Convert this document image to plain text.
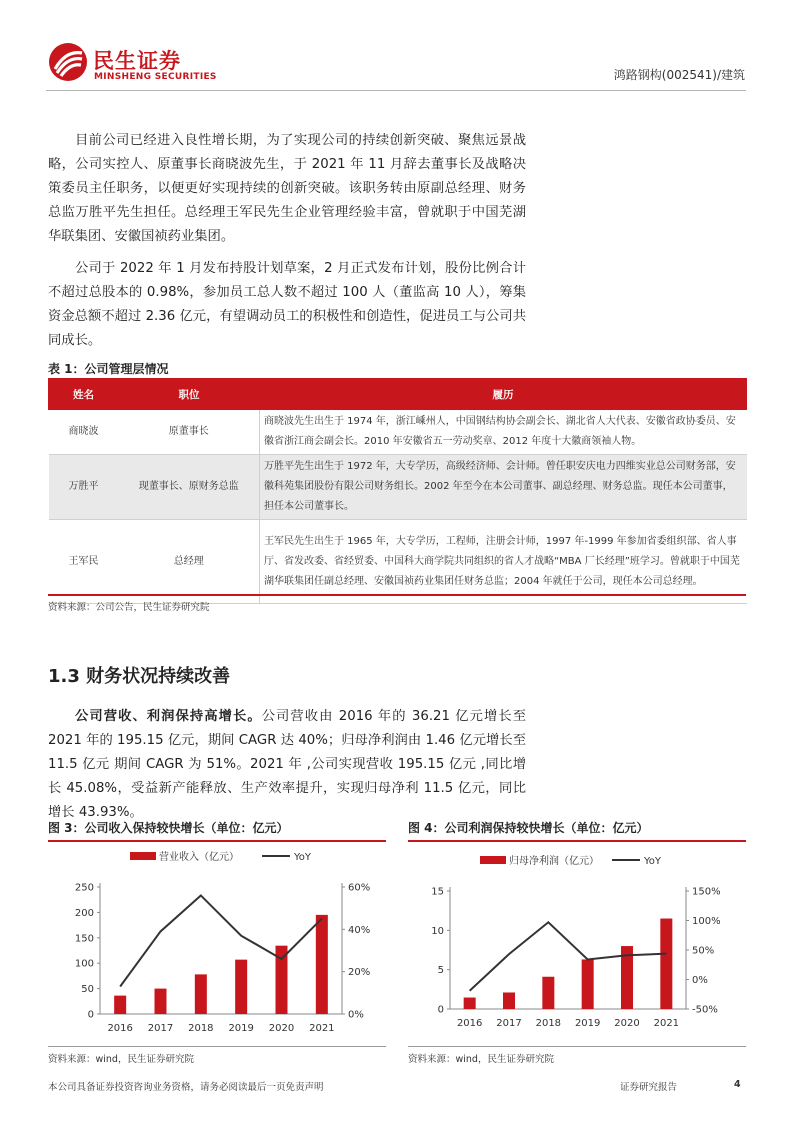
民生证券
MINSHENG SECURITIES	鸿路钢构(002541)/建筑

目前公司已经进入良性增长期，为了实现公司的持续创新突破、聚焦远景战略，公司实控人、原董事长商晓波先生，于 2021 年 11 月辞去董事长及战略决策委员主任职务，以便更好实现持续的创新突破。该职务转由原副总经理、财务总监万胜平先生担任。总经理王军民先生企业管理经验丰富，曾就职于中国芜湖华联集团、安徽国祯药业集团。

公司于 2022 年 1 月发布持股计划草案，2 月正式发布计划，股份比例合计不超过总股本的 0.98%，参加员工总人数不超过 100 人（董监高 10 人），筹集资金总额不超过 2.36 亿元，有望调动员工的积极性和创造性，促进员工与公司共同成长。

表 1：公司管理层情况
姓名	职位	履历
商晓波	原董事长	商晓波先生出生于 1974 年，浙江嵊州人，中国钢结构协会副会长、湖北省人大代表、安徽省政协委员、安徽省浙江商会副会长。2010 年安徽省五一劳动奖章、2012 年度十大徽商领袖人物。
万胜平	现董事长、原财务总监	万胜平先生出生于 1972 年，大专学历，高级经济师、会计师。曾任职安庆电力四维实业总公司财务部，安徽科苑集团股份有限公司财务组长。2002 年至今在本公司董事、副总经理、财务总监。现任本公司董事，担任本公司董事长。
王军民	总经理	王军民先生出生于 1965 年，大专学历，工程师，注册会计师，1997 年-1999 年参加省委组织部、省人事厅、省发改委、省经贸委、中国科大商学院共同组织的省人才战略“MBA 厂长经理”班学习。曾就职于中国芜湖华联集团任副总经理、安徽国祯药业集团任财务总监；2004 年就任于公司，现任本公司总经理。
资料来源：公司公告，民生证券研究院
1.3 财务状况持续改善

公司营收、利润保持高增长。公司营收由 2016 年的 36.21 亿元增长至 2021 年的 195.15 亿元，期间 CAGR 达 40%；归母净利润由 1.46 亿元增长至 11.5 亿元 期间 CAGR 为 51%。2021 年 ,公司实现营收 195.15 亿元 ,同比增长 45.08%，受益新产能释放、生产效率提升，实现归母净利 11.5 亿元，同比增长 43.93%。

图 3：公司收入保持较快增长（单位：亿元）
营业收入（亿元）	YoY
0
50
100
150
200
250
0%
20%
40%
60%
2016 2017 2018 2019 2020 2021
资料来源：wind，民生证券研究院
图 4：公司利润保持较快增长（单位：亿元）
归母净利润（亿元）	YoY
0
5
10
15
-50%
0%
50%
100%
150%
2016 2017 2018 2019 2020 2021
资料来源：wind，民生证券研究院
本公司具备证券投资咨询业务资格，请务必阅读最后一页免责声明	证券研究报告	4
